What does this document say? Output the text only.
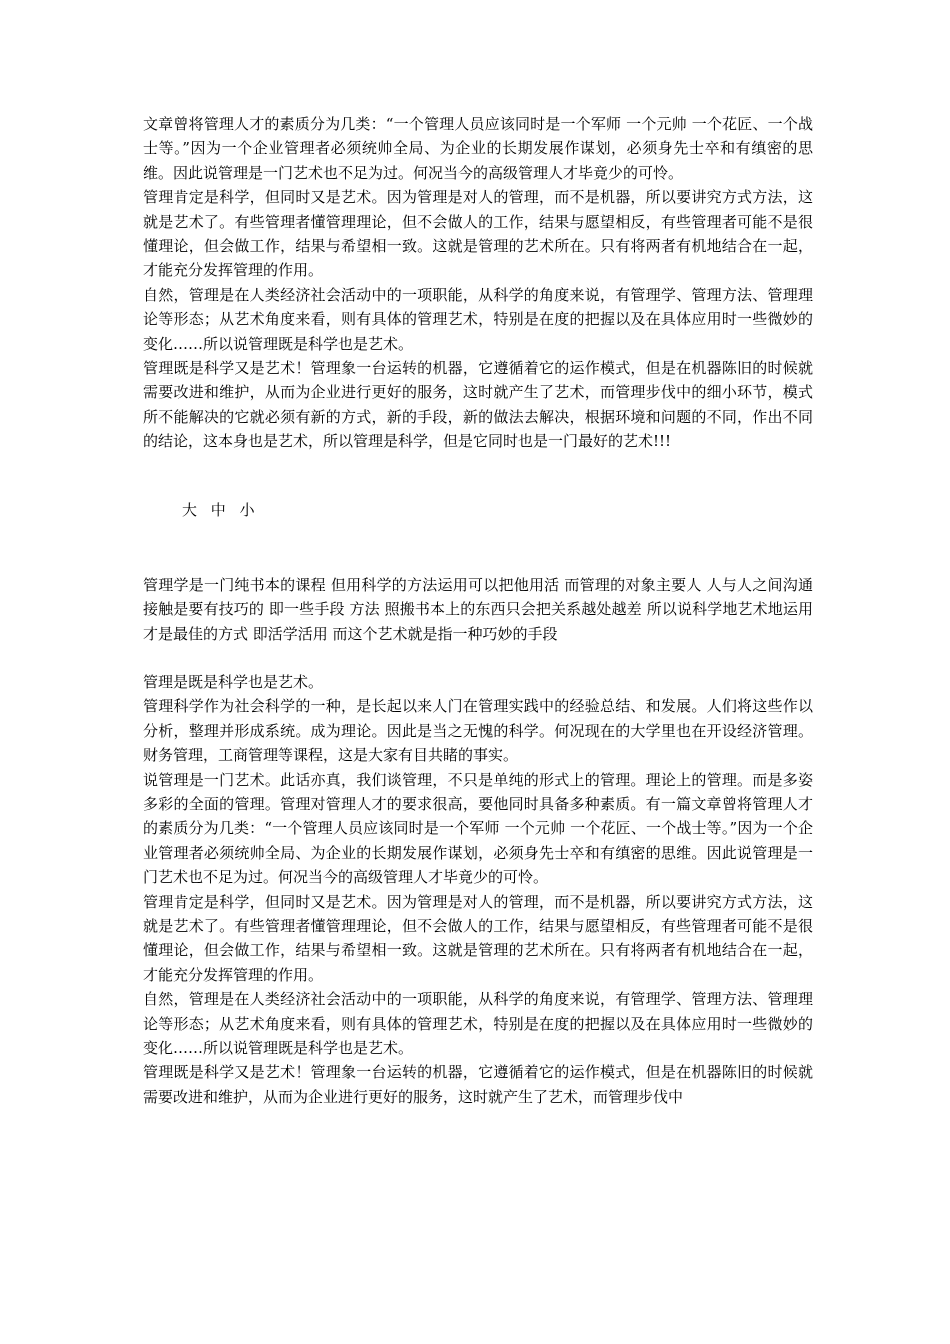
文章曾将管理人才的素质分为几类：“一个管理人员应该同时是一个军师 一个元帅 一个花匠、一个战士等。”因为一个企业管理者必须统帅全局、为企业的长期发展作谋划，必须身先士卒和有缜密的思维。因此说管理是一门艺术也不足为过。何况当今的高级管理人才毕竟少的可怜。

管理肯定是科学，但同时又是艺术。因为管理是对人的管理，而不是机器，所以要讲究方式方法，这就是艺术了。有些管理者懂管理理论，但不会做人的工作，结果与愿望相反，有些管理者可能不是很懂理论，但会做工作，结果与希望相一致。这就是管理的艺术所在。只有将两者有机地结合在一起，才能充分发挥管理的作用。

自然，管理是在人类经济社会活动中的一项职能，从科学的角度来说，有管理学、管理方法、管理理论等形态；从艺术角度来看，则有具体的管理艺术，特别是在度的把握以及在具体应用时一些微妙的变化……所以说管理既是科学也是艺术。

管理既是科学又是艺术！管理象一台运转的机器，它遵循着它的运作模式，但是在机器陈旧的时候就需要改进和维护，从而为企业进行更好的服务，这时就产生了艺术，而管理步伐中的细小环节，模式所不能解决的它就必须有新的方式，新的手段，新的做法去解决，根据环境和问题的不同，作出不同的结论，这本身也是艺术，所以管理是科学，但是它同时也是一门最好的艺术!!!

大 中 小

管理学是一门纯书本的课程 但用科学的方法运用可以把他用活 而管理的对象主要人 人与人之间沟通 接触是要有技巧的 即一些手段 方法 照搬书本上的东西只会把关系越处越差 所以说科学地艺术地运用才是最佳的方式 即活学活用 而这个艺术就是指一种巧妙的手段

管理是既是科学也是艺术。

管理科学作为社会科学的一种，是长起以来人门在管理实践中的经验总结、和发展。人们将这些作以分析，整理并形成系统。成为理论。因此是当之无愧的科学。何况现在的大学里也在开设经济管理。财务管理，工商管理等课程，这是大家有目共睹的事实。

说管理是一门艺术。此话亦真，我们谈管理，不只是单纯的形式上的管理。理论上的管理。而是多姿多彩的全面的管理。管理对管理人才的要求很高，要他同时具备多种素质。有一篇文章曾将管理人才的素质分为几类：“一个管理人员应该同时是一个军师 一个元帅 一个花匠、一个战士等。”因为一个企业管理者必须统帅全局、为企业的长期发展作谋划，必须身先士卒和有缜密的思维。因此说管理是一门艺术也不足为过。何况当今的高级管理人才毕竟少的可怜。

管理肯定是科学，但同时又是艺术。因为管理是对人的管理，而不是机器，所以要讲究方式方法，这就是艺术了。有些管理者懂管理理论，但不会做人的工作，结果与愿望相反，有些管理者可能不是很懂理论，但会做工作，结果与希望相一致。这就是管理的艺术所在。只有将两者有机地结合在一起，才能充分发挥管理的作用。

自然，管理是在人类经济社会活动中的一项职能，从科学的角度来说，有管理学、管理方法、管理理论等形态；从艺术角度来看，则有具体的管理艺术，特别是在度的把握以及在具体应用时一些微妙的变化……所以说管理既是科学也是艺术。

管理既是科学又是艺术！管理象一台运转的机器，它遵循着它的运作模式，但是在机器陈旧的时候就需要改进和维护，从而为企业进行更好的服务，这时就产生了艺术，而管理步伐中
